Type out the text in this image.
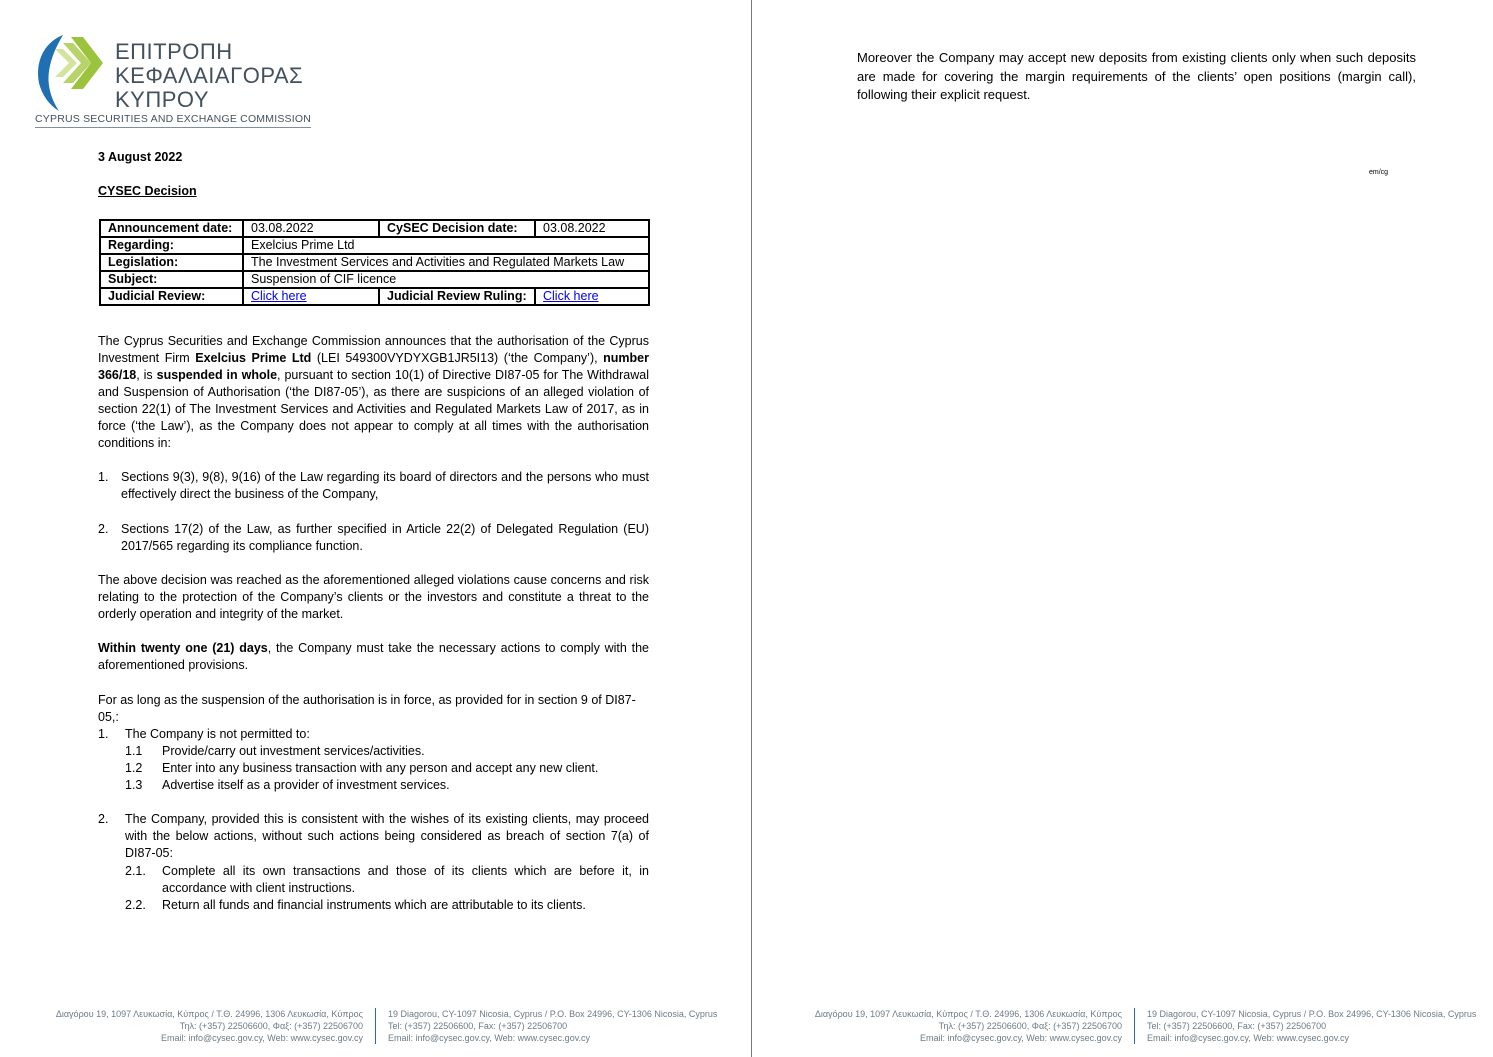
ΕΠΙΤΡΟΠΗ
ΚΕΦΑΛΑΙΑΓΟΡΑΣ
ΚΥΠΡΟΥ
CYPRUS SECURITIES AND EXCHANGE COMMISSION
3 August 2022
CYSEC Decision
Announcement date:	03.08.2022	CySEC Decision date:	03.08.2022
Regarding:	Exelcius Prime Ltd		
Legislation:	The Investment Services and Activities and Regulated Markets Law		
Subject:	Suspension of CIF licence		
Judicial Review:	Click here	Judicial Review Ruling:	Click here
The Cyprus Securities and Exchange Commission announces that the authorisation of the Cyprus Investment Firm Exelcius Prime Ltd (LEI 549300VYDYXGB1JR5I13) (‘the Company’), number 366/18, is suspended in whole, pursuant to section 10(1) of Directive DI87-05 for The Withdrawal and Suspension of Authorisation (‘the DI87-05’), as there are suspicions of an alleged violation of section 22(1) of The Investment Services and Activities and Regulated Markets Law of 2017, as in force (‘the Law’), as the Company does not appear to comply at all times with the authorisation conditions in:
1. Sections 9(3), 9(8), 9(16) of the Law regarding its board of directors and the persons who must effectively direct the business of the Company,
2. Sections 17(2) of the Law, as further specified in Article 22(2) of Delegated Regulation (EU) 2017/565 regarding its compliance function.
The above decision was reached as the aforementioned alleged violations cause concerns and risk relating to the protection of the Company’s clients or the investors and constitute a threat to the orderly operation and integrity of the market.
Within twenty one (21) days, the Company must take the necessary actions to comply with the aforementioned provisions.
For as long as the suspension of the authorisation is in force, as provided for in section 9 of DI87-05,:
1. The Company is not permitted to:
1.1 Provide/carry out investment services/activities.
1.2 Enter into any business transaction with any person and accept any new client.
1.3 Advertise itself as a provider of investment services.
2. The Company, provided this is consistent with the wishes of its existing clients, may proceed with the below actions, without such actions being considered as breach of section 7(a) of DI87-05:
2.1. Complete all its own transactions and those of its clients which are before it, in accordance with client instructions.
2.2. Return all funds and financial instruments which are attributable to its clients.
Διαγόρου 19, 1097 Λευκωσία, Κύπρος / Τ.Θ. 24996, 1306 Λευκωσία, Κύπρος
Τηλ: (+357) 22506600, Φαξ: (+357) 22506700
Email: info@cysec.gov.cy, Web: www.cysec.gov.cy
19 Diagorou, CY-1097 Nicosia, Cyprus / P.O. Box 24996, CY-1306 Nicosia, Cyprus
Tel: (+357) 22506600, Fax: (+357) 22506700
Email: info@cysec.gov.cy, Web: www.cysec.gov.cy
Διαγόρου 19, 1097 Λευκωσία, Κύπρος / Τ.Θ. 24996, 1306 Λευκωσία, Κύπρος
Τηλ: (+357) 22506600, Φαξ: (+357) 22506700
Email: info@cysec.gov.cy, Web: www.cysec.gov.cy
19 Diagorou, CY-1097 Nicosia, Cyprus / P.O. Box 24996, CY-1306 Nicosia, Cyprus
Tel: (+357) 22506600, Fax: (+357) 22506700
Email: info@cysec.gov.cy, Web: www.cysec.gov.cy
Moreover the Company may accept new deposits from existing clients only when such deposits are made for covering the margin requirements of the clients’ open positions (margin call), following their explicit request.
em/cg
